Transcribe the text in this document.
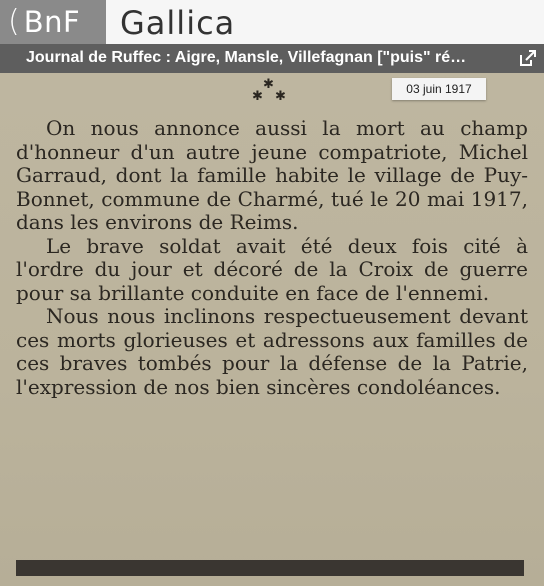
( BnF Gallica
Journal de Ruffec : Aigre, Mansle, Villefagnan ["puis" ré…
✱
✱ ✱	03 juin 1917

On nous annonce aussi la mort au champ d'honneur d'un autre jeune compatriote, Michel Garraud, dont la famille habite le village de Puy-Bonnet, commune de Charmé, tué le 20 mai 1917, dans les environs de Reims.

Le brave soldat avait été deux fois cité à l'ordre du jour et décoré de la Croix de guerre pour sa brillante conduite en face de l'ennemi.

Nous nous inclinons respectueusement devant ces morts glorieuses et adressons aux familles de ces braves tombés pour la défense de la Patrie, l'expression de nos bien sincères condoléances.
